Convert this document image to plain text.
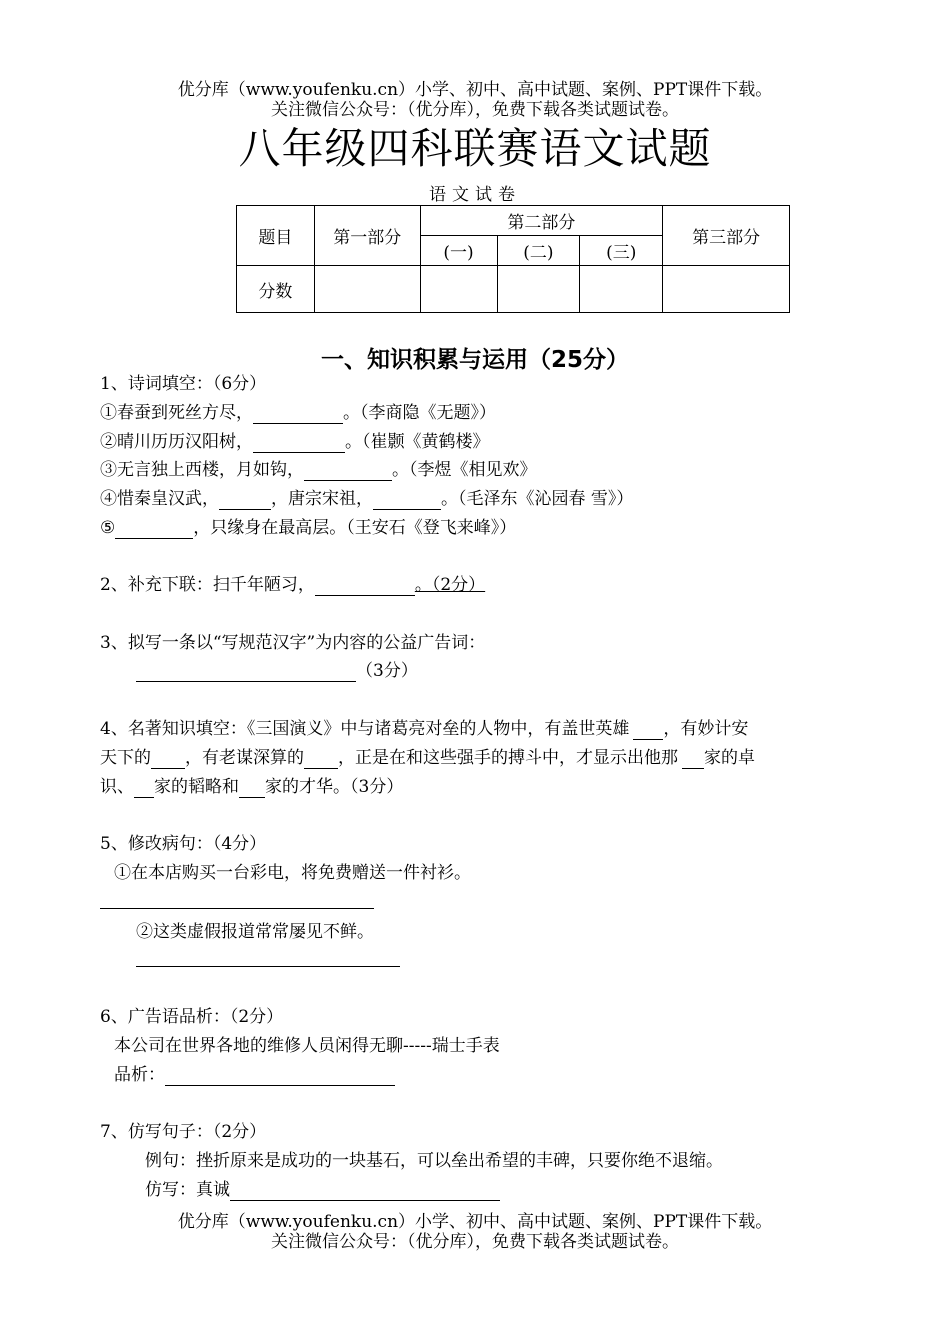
优分库（www.youfenku.cn）小学、初中、高中试题、案例、PPT课件下载。
关注微信公众号：（优分库），免费下载各类试题试卷。
八年级四科联赛语文试题
语文试卷
题目	第一部分	第二部分			第三部分
		(一)	(二)	(三)	
分数					
一、知识积累与运用（25分）
1、诗词填空：（6分）
①春蚕到死丝方尽，	。（李商隐《无题》）
②晴川历历汉阳树，	。（崔颢《黄鹤楼》
③无言独上西楼，月如钩，	。（李煜《相见欢》
④惜秦皇汉武，	，唐宗宋祖，	。（毛泽东《沁园春 雪》）
⑤	，只缘身在最高层。（王安石《登飞来峰》）
2、补充下联：扫千年陋习，	。（2分）
3、拟写一条以“写规范汉字”为内容的公益广告词：
（3分）
4、名著知识填空：《三国演义》中与诸葛亮对垒的人物中，有盖世英雄 ，有妙计安
天下的 ，有老谋深算的 ，正是在和这些强手的搏斗中，才显示出他那 家的卓
识、 家的韬略和 家的才华。（3分）
5、修改病句：（4分）
①在本店购买一台彩电，将免费赠送一件衬衫。
②这类虚假报道常常屡见不鲜。
6、广告语品析：（2分）
本公司在世界各地的维修人员闲得无聊-----瑞士手表
品析：
7、仿写句子：（2分）
例句：挫折原来是成功的一块基石，可以垒出希望的丰碑，只要你绝不退缩。
仿写：真诚
优分库（www.youfenku.cn）小学、初中、高中试题、案例、PPT课件下载。
关注微信公众号：（优分库），免费下载各类试题试卷。
